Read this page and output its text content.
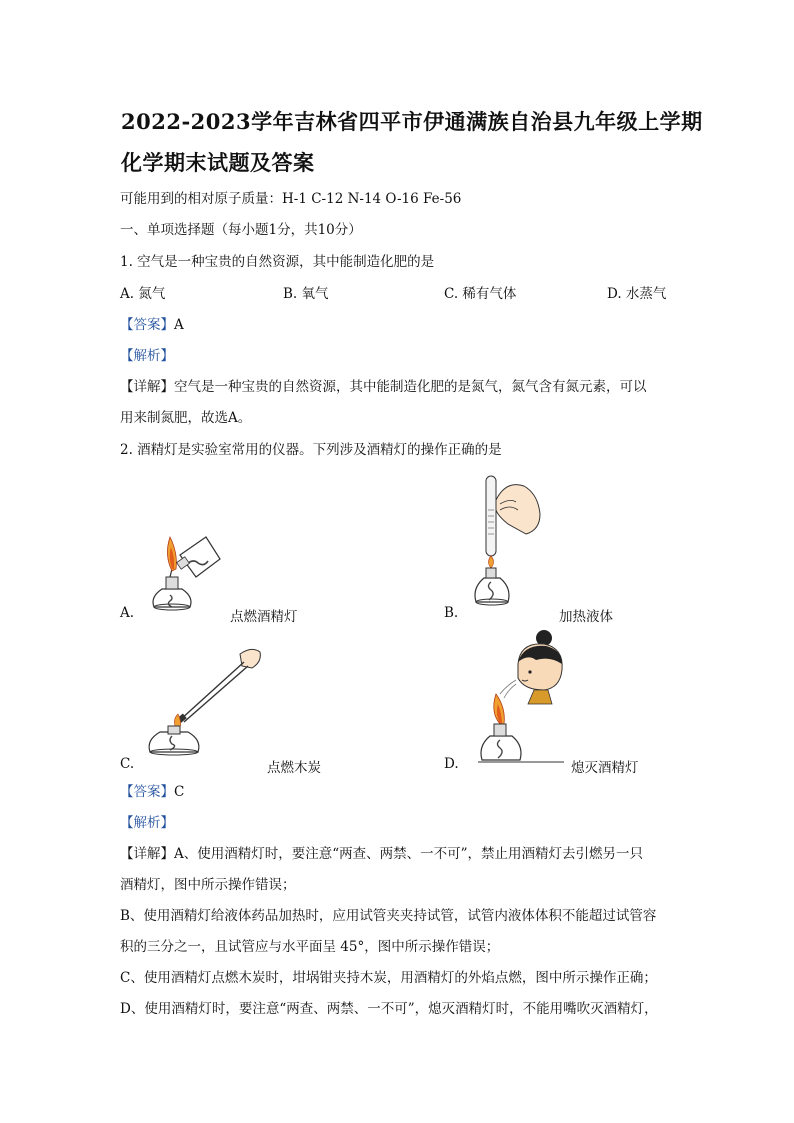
2022-2023学年吉林省四平市伊通满族自治县九年级上学期
化学期末试题及答案
可能用到的相对原子质量：H-1 C-12 N-14 O-16 Fe-56
一、单项选择题（每小题1分，共10分）
1. 空气是一种宝贵的自然资源，其中能制造化肥的是
A. 氮气	B. 氧气	C. 稀有气体	D. 水蒸气
【答案】A
【解析】
【详解】空气是一种宝贵的自然资源，其中能制造化肥的是氮气，氮气含有氮元素，可以
用来制氮肥，故选A。
2. 酒精灯是实验室常用的仪器。下列涉及酒精灯的操作正确的是
A.	点燃酒精灯	B.	加热液体
C.	点燃木炭	D.	熄灭酒精灯
【答案】C
【解析】
【详解】A、使用酒精灯时，要注意“两查、两禁、一不可”，禁止用酒精灯去引燃另一只
酒精灯，图中所示操作错误；
B、使用酒精灯给液体药品加热时，应用试管夹夹持试管，试管内液体体积不能超过试管容
积的三分之一，且试管应与水平面呈 45°，图中所示操作错误；
C、使用酒精灯点燃木炭时，坩埚钳夹持木炭，用酒精灯的外焰点燃，图中所示操作正确；
D、使用酒精灯时，要注意“两查、两禁、一不可”，熄灭酒精灯时，不能用嘴吹灭酒精灯，
